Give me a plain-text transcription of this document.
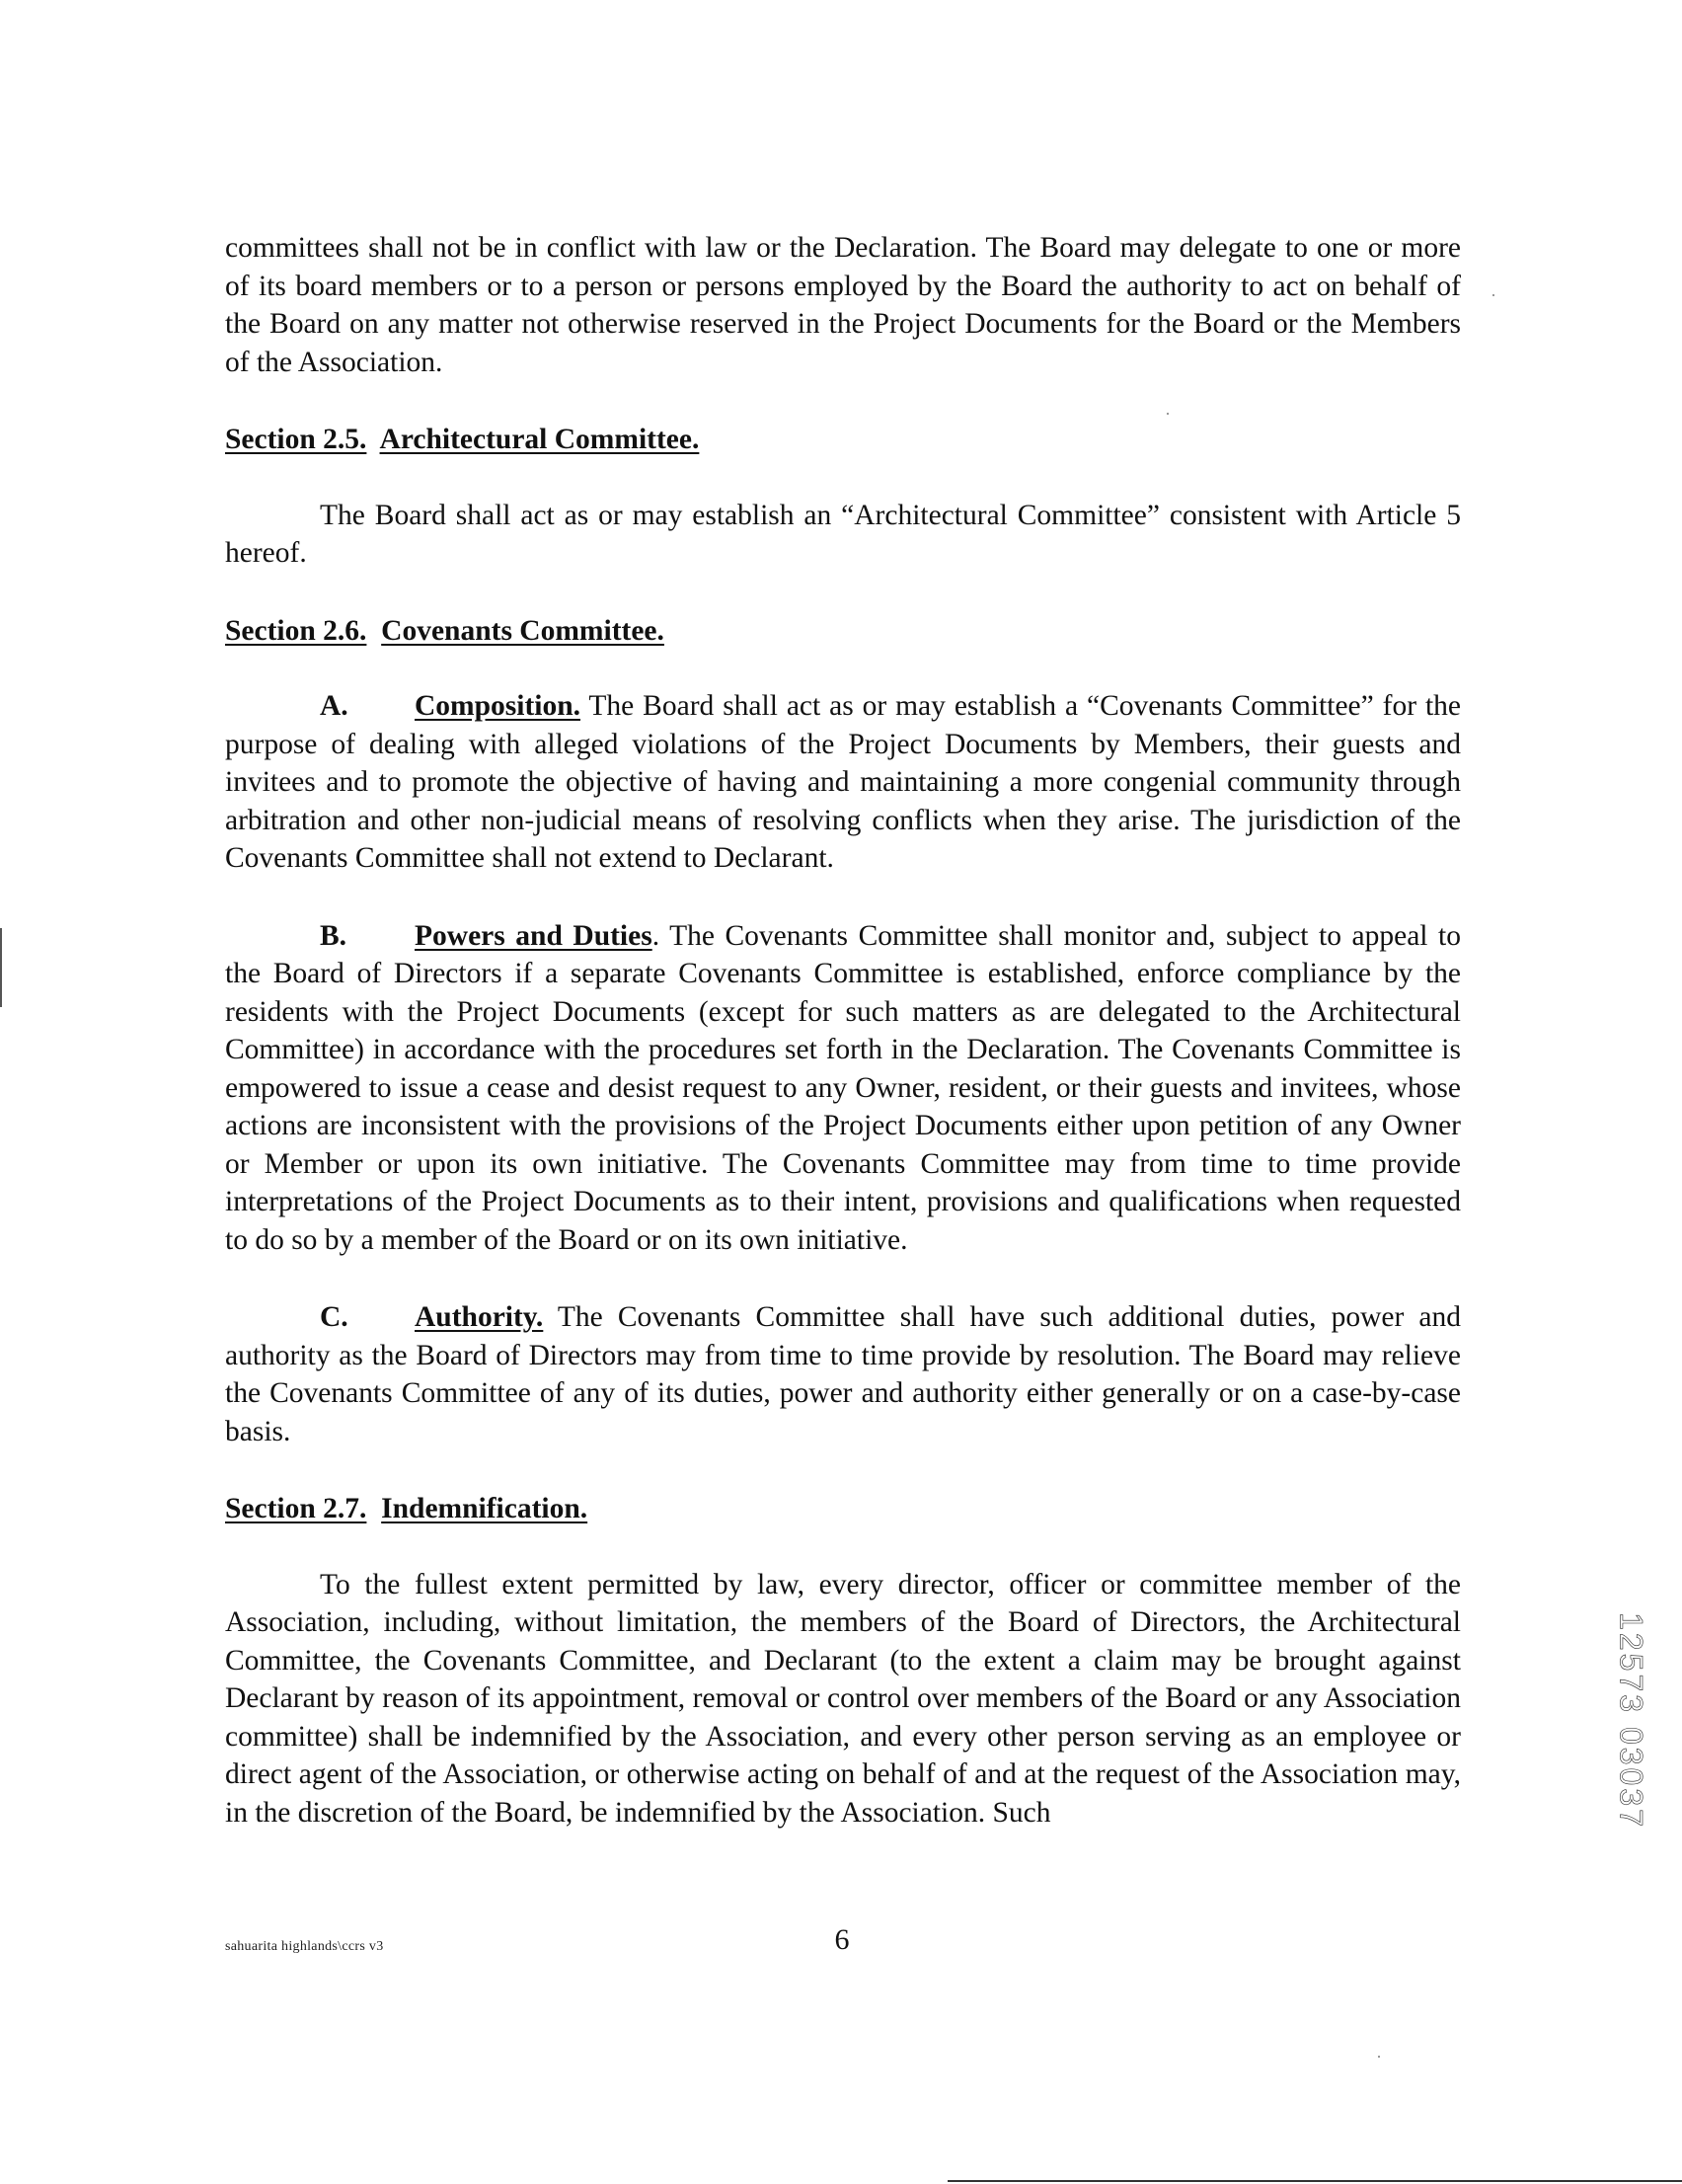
committees shall not be in conflict with law or the Declaration. The Board may delegate to one or more of its board members or to a person or persons employed by the Board the authority to act on behalf of the Board on any matter not otherwise reserved in the Project Documents for the Board or the Members of the Association.

Section 2.5. Architectural Committee.

The Board shall act as or may establish an “Architectural Committee” consistent with Article 5 hereof.

Section 2.6. Covenants Committee.

A. Composition. The Board shall act as or may establish a “Covenants Committee” for the purpose of dealing with alleged violations of the Project Documents by Members, their guests and invitees and to promote the objective of having and maintaining a more congenial community through arbitration and other non-judicial means of resolving conflicts when they arise. The jurisdiction of the Covenants Committee shall not extend to Declarant.

B. Powers and Duties. The Covenants Committee shall monitor and, subject to appeal to the Board of Directors if a separate Covenants Committee is established, enforce compliance by the residents with the Project Documents (except for such matters as are delegated to the Architectural Committee) in accordance with the procedures set forth in the Declaration. The Covenants Committee is empowered to issue a cease and desist request to any Owner, resident, or their guests and invitees, whose actions are inconsistent with the provisions of the Project Documents either upon petition of any Owner or Member or upon its own initiative. The Covenants Committee may from time to time provide interpretations of the Project Documents as to their intent, provisions and qualifications when requested to do so by a member of the Board or on its own initiative.

C. Authority. The Covenants Committee shall have such additional duties, power and authority as the Board of Directors may from time to time provide by resolution. The Board may relieve the Covenants Committee of any of its duties, power and authority either generally or on a case-by-case basis.

Section 2.7. Indemnification.

To the fullest extent permitted by law, every director, officer or committee member of the Association, including, without limitation, the members of the Board of Directors, the Architectural Committee, the Covenants Committee, and Declarant (to the extent a claim may be brought against Declarant by reason of its appointment, removal or control over members of the Board or any Association committee) shall be indemnified by the Association, and every other person serving as an employee or direct agent of the Association, or otherwise acting on behalf of and at the request of the Association may, in the discretion of the Board, be indemnified by the Association. Such

sahuarita highlands\ccrs v3	6
12573 03037
